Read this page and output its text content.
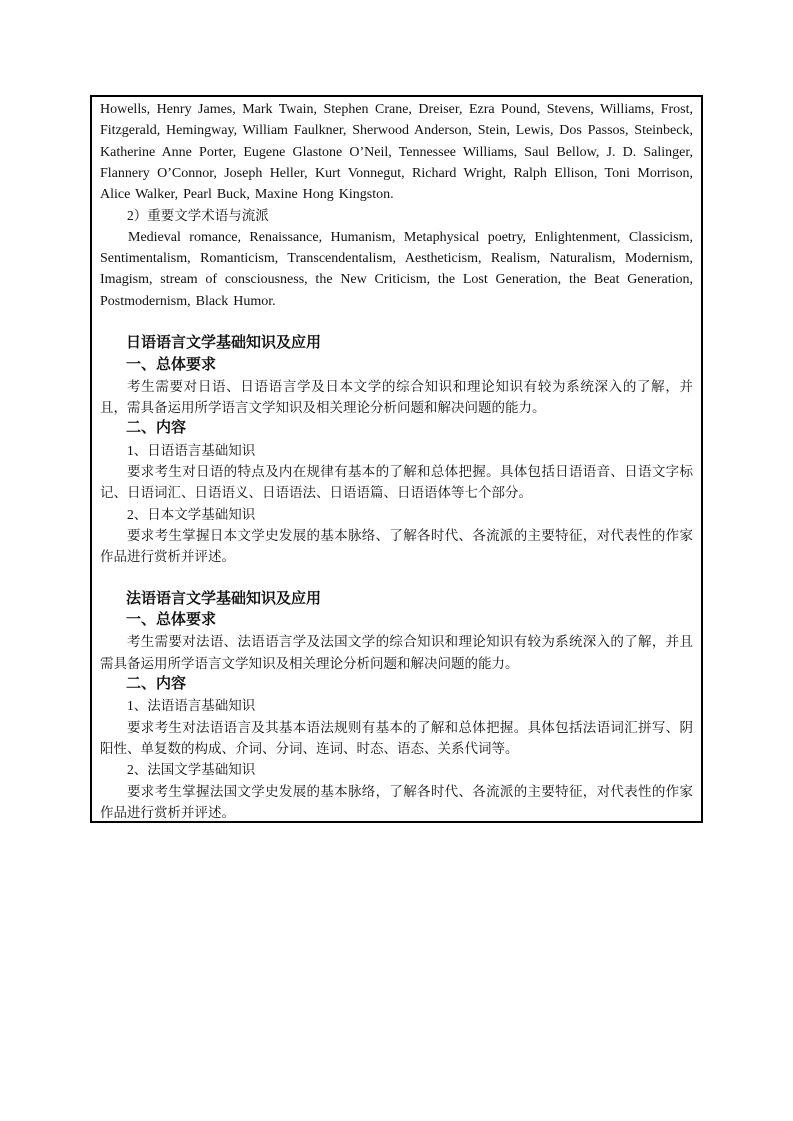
Howells, Henry James, Mark Twain, Stephen Crane, Dreiser, Ezra Pound, Stevens, Williams, Frost, Fitzgerald, Hemingway, William Faulkner, Sherwood Anderson, Stein, Lewis, Dos Passos, Steinbeck, Katherine Anne Porter, Eugene Glastone O’Neil, Tennessee Williams, Saul Bellow, J. D. Salinger, Flannery O’Connor, Joseph Heller, Kurt Vonnegut, Richard Wright, Ralph Ellison, Toni Morrison, Alice Walker, Pearl Buck, Maxine Hong Kingston.
2）重要文学术语与流派
Medieval romance, Renaissance, Humanism, Metaphysical poetry, Enlightenment, Classicism, Sentimentalism, Romanticism, Transcendentalism, Aestheticism, Realism, Naturalism, Modernism, Imagism, stream of consciousness, the New Criticism, the Lost Generation, the Beat Generation, Postmodernism, Black Humor.
日语语言文学基础知识及应用
一、总体要求
考生需要对日语、日语语言学及日本文学的综合知识和理论知识有较为系统深入的了解，并且，需具备运用所学语言文学知识及相关理论分析问题和解决问题的能力。
二、内容
1、日语语言基础知识
要求考生对日语的特点及内在规律有基本的了解和总体把握。具体包括日语语音、日语文字标记、日语词汇、日语语义、日语语法、日语语篇、日语语体等七个部分。
2、日本文学基础知识
要求考生掌握日本文学史发展的基本脉络、了解各时代、各流派的主要特征，对代表性的作家作品进行赏析并评述。
法语语言文学基础知识及应用
一、总体要求
考生需要对法语、法语语言学及法国文学的综合知识和理论知识有较为系统深入的了解，并且需具备运用所学语言文学知识及相关理论分析问题和解决问题的能力。
二、内容
1、法语语言基础知识
要求考生对法语语言及其基本语法规则有基本的了解和总体把握。具体包括法语词汇拼写、阴阳性、单复数的构成、介词、分词、连词、时态、语态、关系代词等。
2、法国文学基础知识
要求考生掌握法国文学史发展的基本脉络，了解各时代、各流派的主要特征，对代表性的作家作品进行赏析并评述。
